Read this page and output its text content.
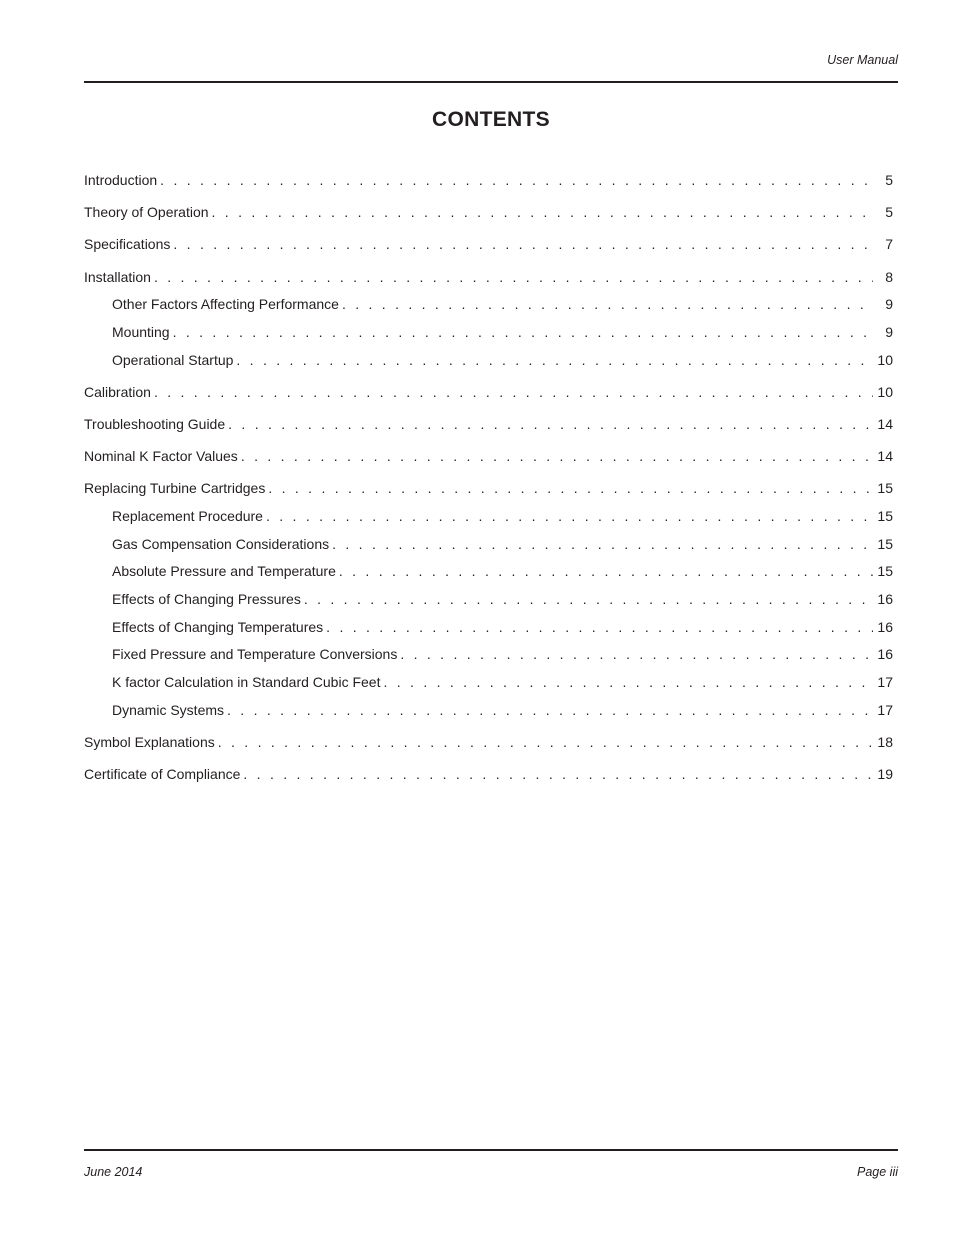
User Manual
CONTENTS
Introduction . . .	5
Theory of Operation . . .	5
Specifications . . .	7
Installation . . .	8
Other Factors Affecting Performance . . .	9
Mounting . . .	9
Operational Startup . . .	10
Calibration . . .	10
Troubleshooting Guide . . .	14
Nominal K Factor Values . . .	14
Replacing Turbine Cartridges . . .	15
Replacement Procedure . . .	15
Gas Compensation Considerations . . .	15
Absolute Pressure and Temperature . . .	15
Effects of Changing Pressures . . .	16
Effects of Changing Temperatures . . .	16
Fixed Pressure and Temperature Conversions . . .	16
K factor Calculation in Standard Cubic Feet . . .	17
Dynamic Systems . . .	17
Symbol Explanations . . .	18
Certificate of Compliance . . .	19
June 2014	Page iii
